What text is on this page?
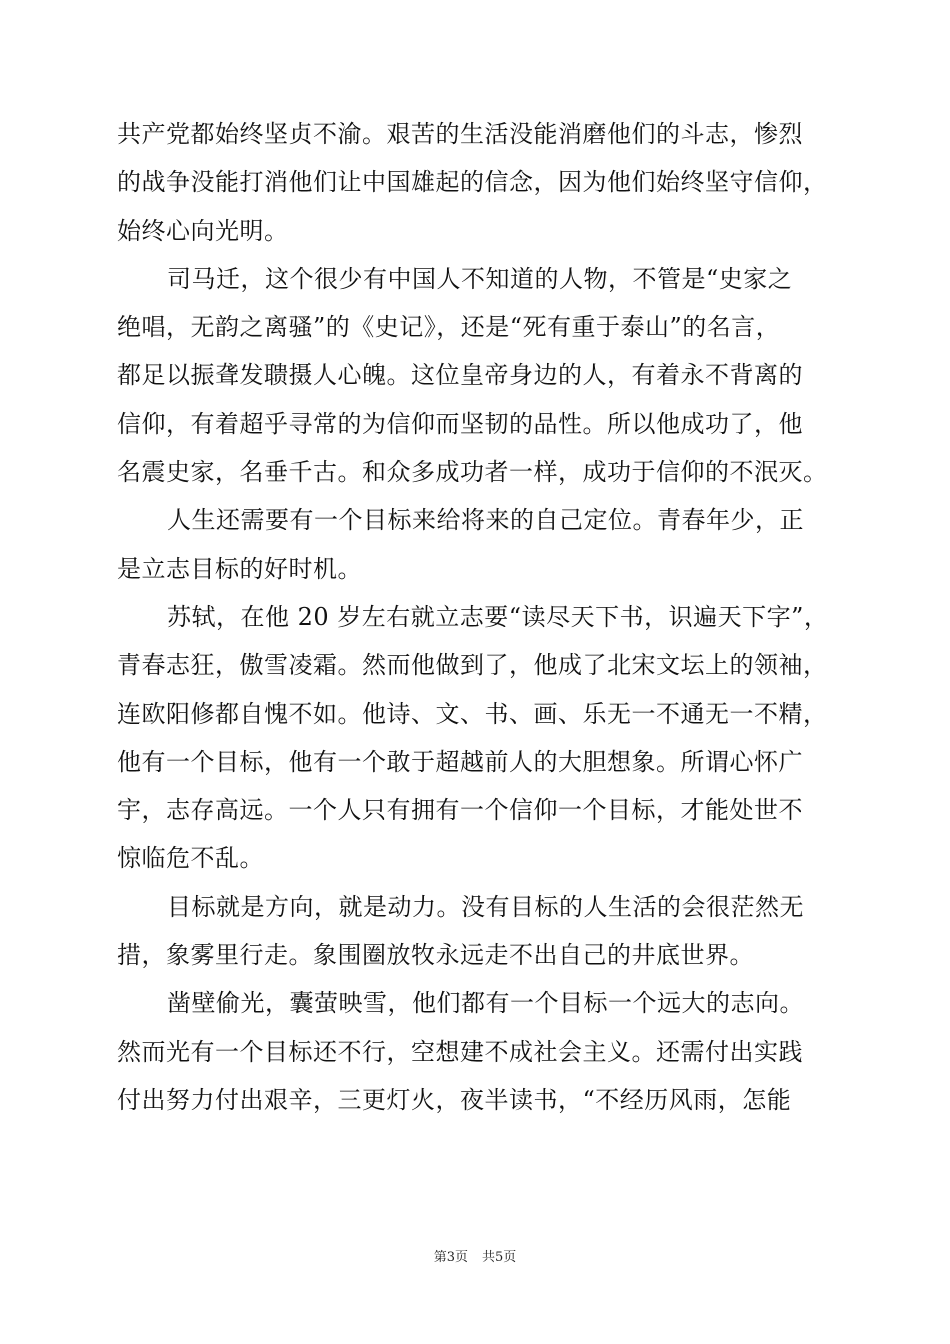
共产党都始终坚贞不渝。艰苦的生活没能消磨他们的斗志，惨烈
的战争没能打消他们让中国雄起的信念，因为他们始终坚守信仰，
始终心向光明。
司马迁，这个很少有中国人不知道的人物，不管是“史家之
绝唱，无韵之离骚”的《史记》，还是“死有重于泰山”的名言，
都足以振聋发聩摄人心魄。这位皇帝身边的人，有着永不背离的
信仰，有着超乎寻常的为信仰而坚韧的品性。所以他成功了，他
名震史家，名垂千古。和众多成功者一样，成功于信仰的不泯灭。
人生还需要有一个目标来给将来的自己定位。青春年少，正
是立志目标的好时机。
苏轼，在他 20 岁左右就立志要“读尽天下书，识遍天下字”，
青春志狂，傲雪凌霜。然而他做到了，他成了北宋文坛上的领袖，
连欧阳修都自愧不如。他诗、文、书、画、乐无一不通无一不精，
他有一个目标，他有一个敢于超越前人的大胆想象。所谓心怀广
宇，志存高远。一个人只有拥有一个信仰一个目标，才能处世不
惊临危不乱。
目标就是方向，就是动力。没有目标的人生活的会很茫然无
措，象雾里行走。象围圈放牧永远走不出自己的井底世界。
凿壁偷光，囊萤映雪，他们都有一个目标一个远大的志向。
然而光有一个目标还不行，空想建不成社会主义。还需付出实践
付出努力付出艰辛，三更灯火，夜半读书，“不经历风雨，怎能
第3页 共5页
